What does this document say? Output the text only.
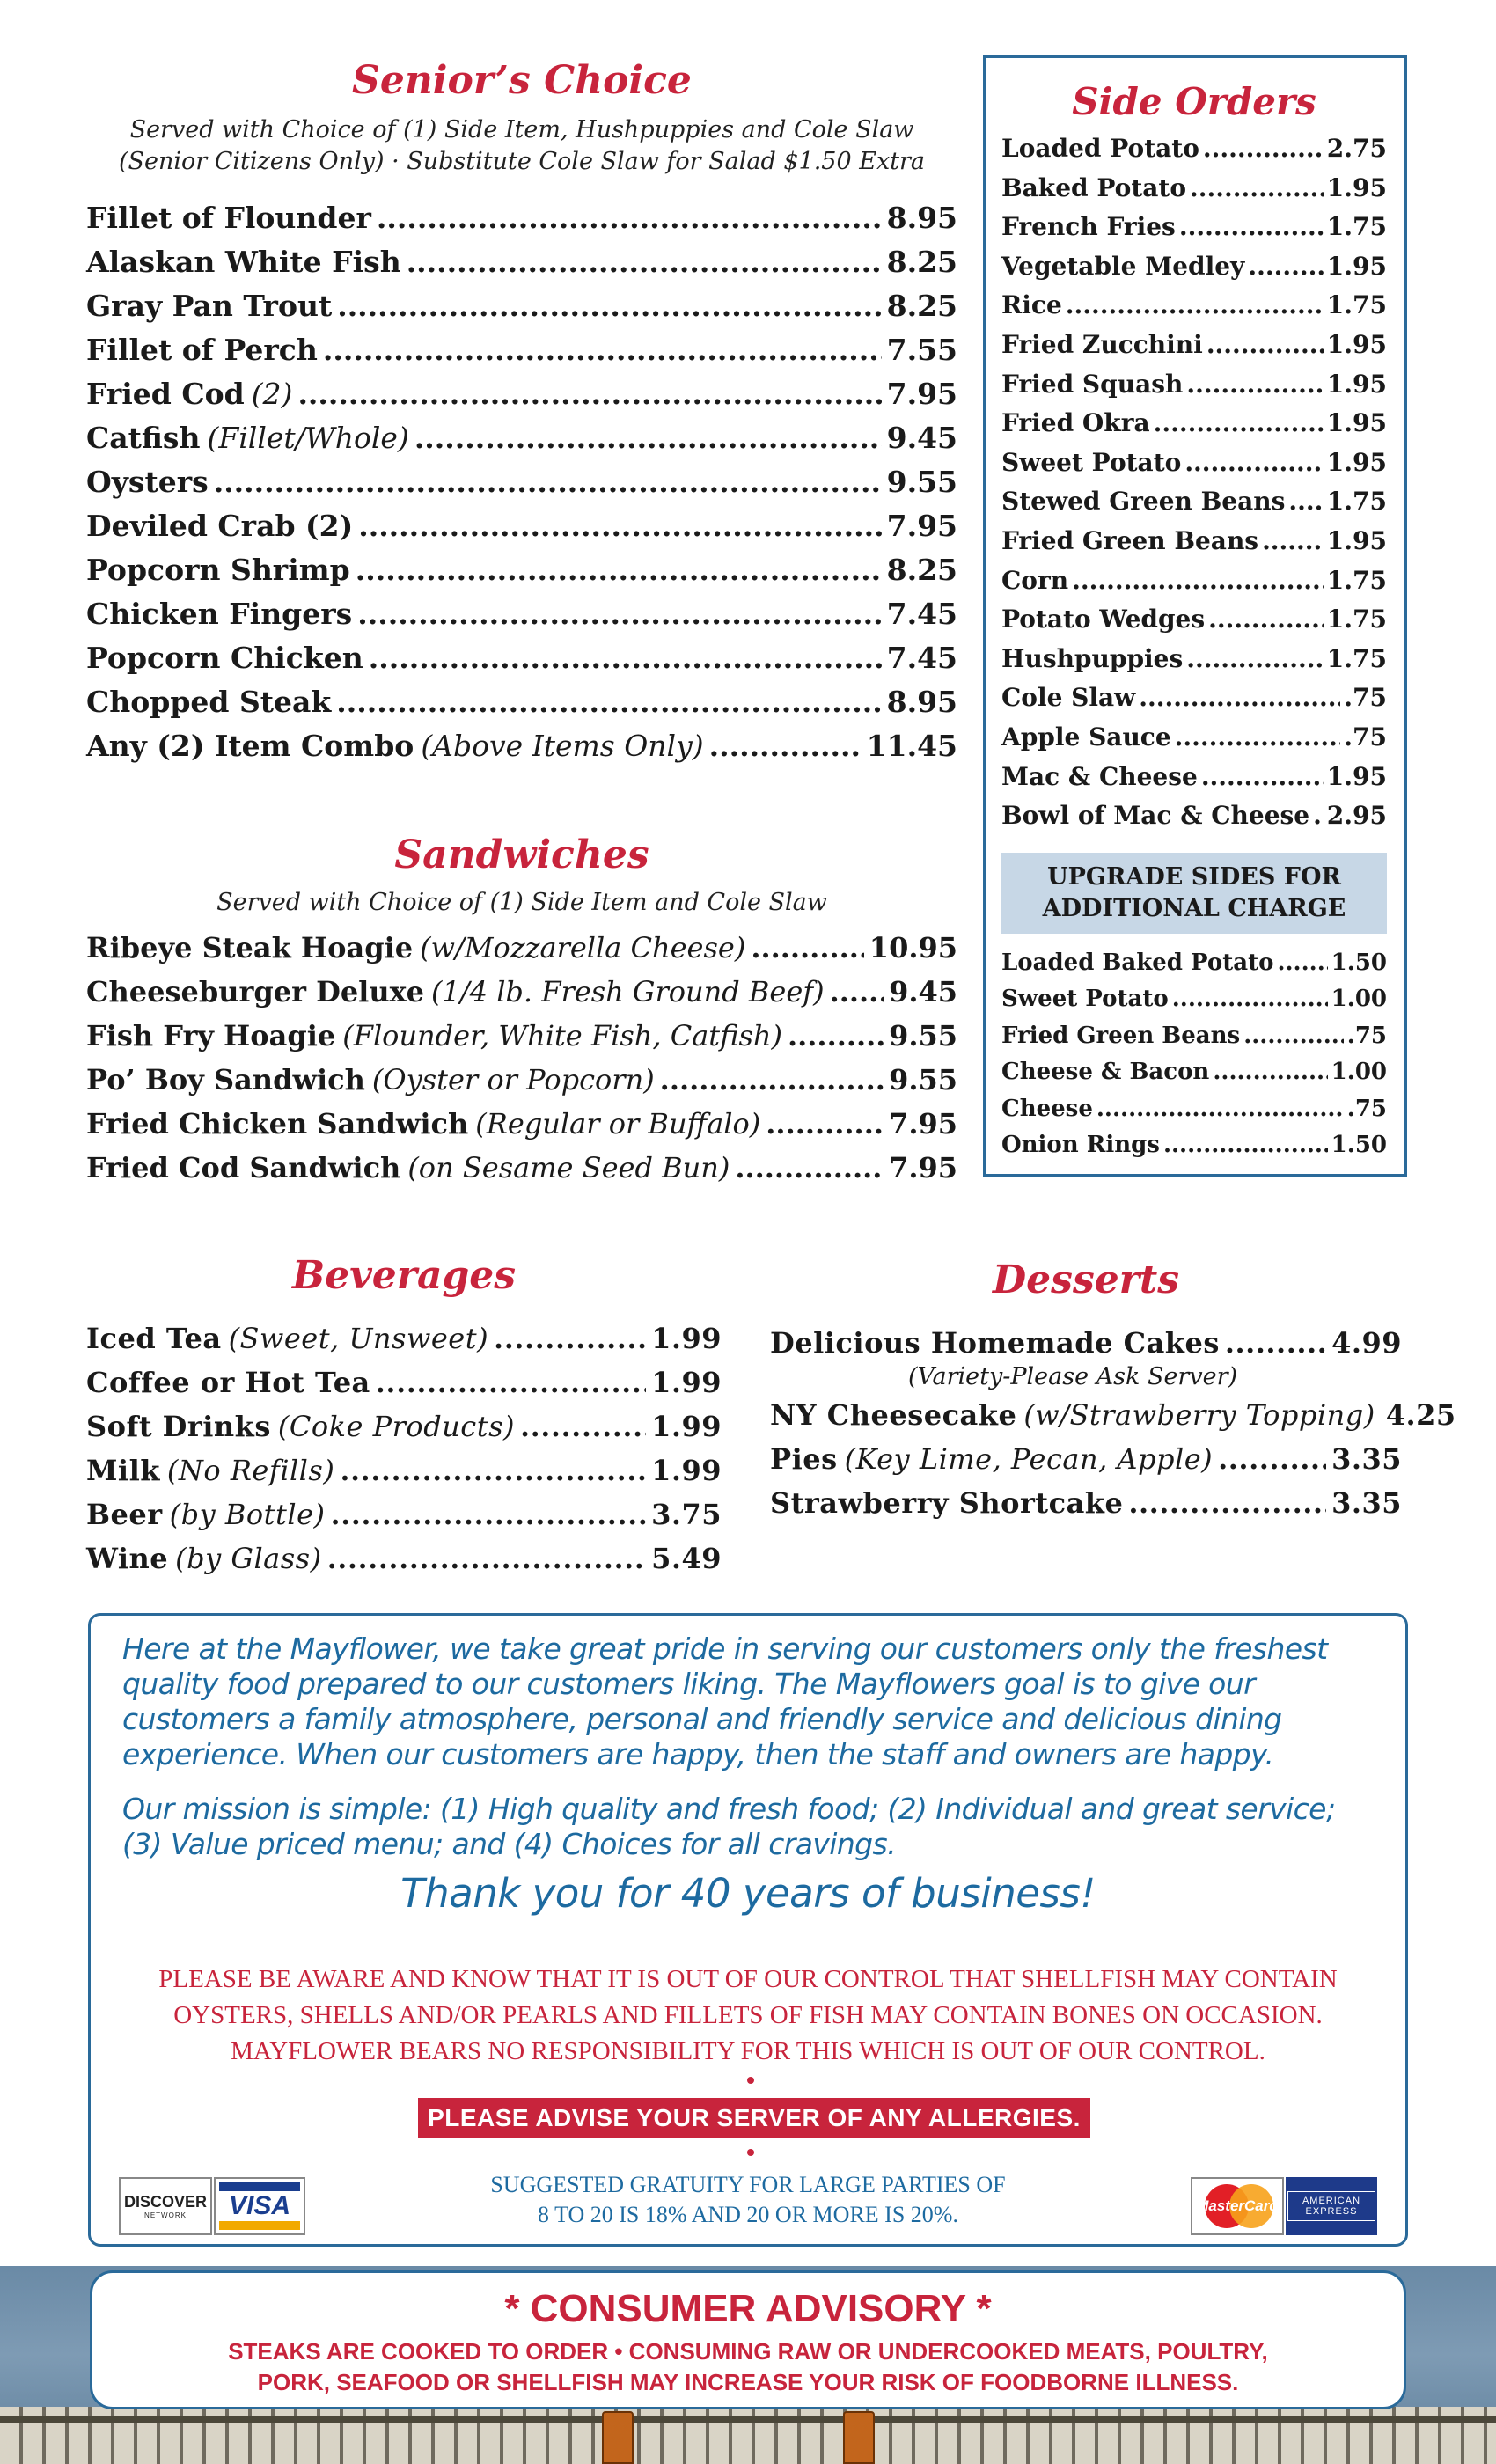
Senior’s Choice

Served with Choice of (1) Side Item, Hushpuppies and Cole Slaw
(Senior Citizens Only) · Substitute Cole Slaw for Salad $1.50 Extra

Fillet of Flounder .....	8.95
Alaskan White Fish .....	8.25
Gray Pan Trout .....	8.25
Fillet of Perch .....	7.55
Fried Cod (2) .....	7.95
Catfish (Fillet/Whole) .....	9.45
Oysters .....	9.55
Deviled Crab (2) .....	7.95
Popcorn Shrimp .....	8.25
Chicken Fingers .....	7.45
Popcorn Chicken .....	7.45
Chopped Steak .....	8.95
Any (2) Item Combo (Above Items Only) .....	11.45
Sandwiches

Served with Choice of (1) Side Item and Cole Slaw

Ribeye Steak Hoagie (w/Mozzarella Cheese) .....	10.95
Cheeseburger Deluxe (1/4 lb. Fresh Ground Beef) ..... 9.45
Fish Fry Hoagie (Flounder, White Fish, Catfish) .....	9.55
Po’ Boy Sandwich (Oyster or Popcorn) .....	9.55
Fried Chicken Sandwich (Regular or Buffalo) .....	7.95
Fried Cod Sandwich (on Sesame Seed Bun) .....	7.95
Side Orders
Loaded Potato .....	2.75
Baked Potato .....	1.95
French Fries .....	1.75
Vegetable Medley .....	1.95
Rice .....	1.75
Fried Zucchini .....	1.95
Fried Squash .....	1.95
Fried Okra .....	1.95
Sweet Potato .....	1.95
Stewed Green Beans ..... 1.75
Fried Green Beans .....	1.95
Corn .....	1.75
Potato Wedges .....	1.75
Hushpuppies .....	1.75
Cole Slaw .....	.75
Apple Sauce .....	.75
Mac & Cheese .....	1.95
Bowl of Mac & Cheese ..... 2.95
UPGRADE SIDES FOR
ADDITIONAL CHARGE
Loaded Baked Potato .....	1.50
Sweet Potato .....	1.00
Fried Green Beans .....	.75
Cheese & Bacon .....	1.00
Cheese .....	.75
Onion Rings .....	1.50
Beverages
Iced Tea (Sweet, Unsweet) .....	1.99
Coffee or Hot Tea .....	1.99
Soft Drinks (Coke Products) .....	1.99
Milk (No Refills) .....	1.99
Beer (by Bottle) .....	3.75
Wine (by Glass) .....	5.49
Desserts
Delicious Homemade Cakes .....	4.99
(Variety-Please Ask Server)
NY Cheesecake (w/Strawberry Topping) 4.25
Pies (Key Lime, Pecan, Apple) .....	3.35
Strawberry Shortcake .....	3.35

Here at the Mayflower, we take great pride in serving our customers only the freshest quality food prepared to our customers liking. The Mayflowers goal is to give our customers a family atmosphere, personal and friendly service and delicious dining experience. When our customers are happy, then the staff and owners are happy.

Our mission is simple: (1) High quality and fresh food; (2) Individual and great service; (3) Value priced menu; and (4) Choices for all cravings.

Thank you for 40 years of business!

PLEASE BE AWARE AND KNOW THAT IT IS OUT OF OUR CONTROL THAT SHELLFISH MAY CONTAIN
OYSTERS, SHELLS AND/OR PEARLS AND FILLETS OF FISH MAY CONTAIN BONES ON OCCASION.
MAYFLOWER BEARS NO RESPONSIBILITY FOR THIS WHICH IS OUT OF OUR CONTROL.

PLEASE ADVISE YOUR SERVER OF ANY ALLERGIES.

SUGGESTED GRATUITY FOR LARGE PARTIES OF
8 TO 20 IS 18% AND 20 OR MORE IS 20%.

DISCOVER
NETWORK VISA	MasterCard	AMERICAN EXPRESS
* CONSUMER ADVISORY *

STEAKS ARE COOKED TO ORDER • CONSUMING RAW OR UNDERCOOKED MEATS, POULTRY,
PORK, SEAFOOD OR SHELLFISH MAY INCREASE YOUR RISK OF FOODBORNE ILLNESS.
